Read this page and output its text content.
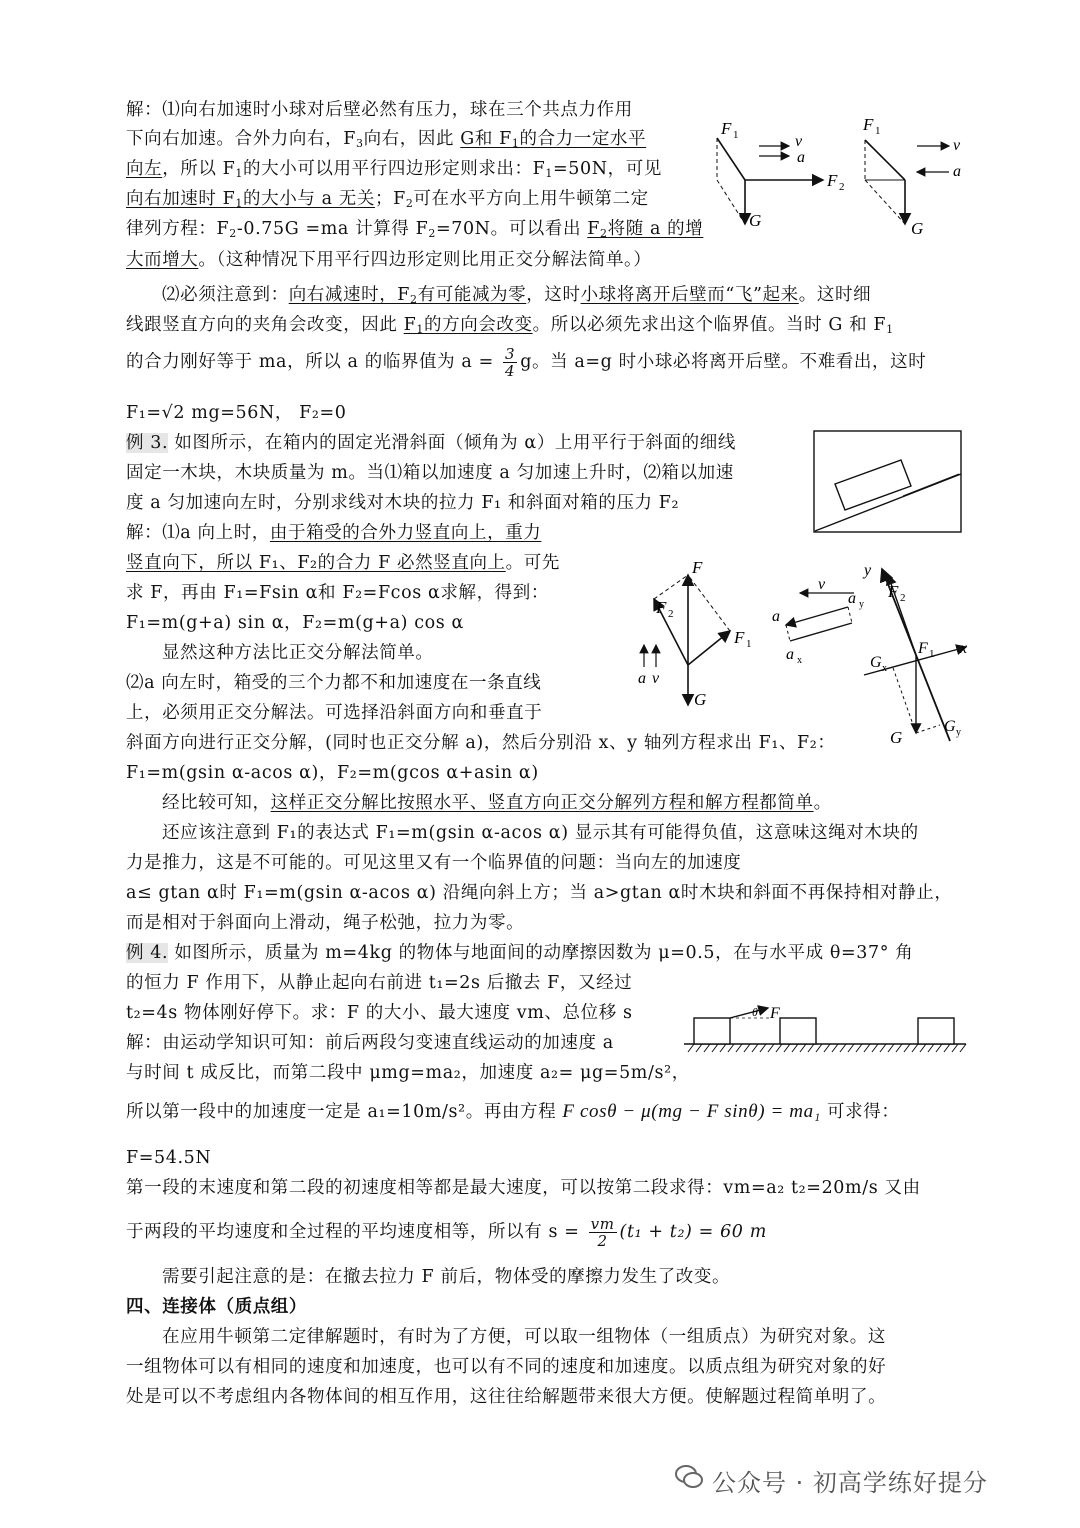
解：⑴向右加速时小球对后壁必然有压力，球在三个共点力作用
下向右加速。合外力向右，$F_3$向右，因此 G和 $F_1$的合力一定水平
向左，所以 $F_1$的大小可以用平行四边形定则求出：$F_1=50N$，可见
向右加速时 $F_1$的大小与 a 无关；$F_2$可在水平方向上用牛顿第二定
律列方程：$F_2-0.75G =ma$ 计算得 $F_2=70N$。可以看出 $F_2$将随 a 的增
大而增大。（这种情况下用平行四边形定则比用正交分解法简单。）
F 1
G
v
a
F 2
F 1
G
v
a
⑵必须注意到：向右减速时，$F_2$有可能减为零，这时小球将离开后壁而“飞”起来。这时细
线跟竖直方向的夹角会改变，因此 $F_1$的方向会改变。所以必须先求出这个临界值。当时 G 和 $F_1$
的合力刚好等于 ma，所以 a 的临界值为 $a = \frac{3}{4}$ g。当 a=g 时小球必将离开后壁。不难看出，这时
F₁=√2 mg=56N， F₂=0
例 3. 如图所示，在箱内的固定光滑斜面（倾角为 α）上用平行于斜面的细线
固定一木块，木块质量为 m。当⑴箱以加速度 a 匀加速上升时，⑵箱以加速
度 a 匀加速向左时，分别求线对木块的拉力 F₁ 和斜面对箱的压力 F₂
解：⑴a 向上时，由于箱受的合外力竖直向上，重力
竖直向下，所以 F₁、F₂的合力 F 必然竖直向上。可先
求 F，再由 F₁=Fsin α和 F₂=Fcos α求解，得到：
F₁=m(g+a) sin α，F₂=m(g+a) cos α
显然这种方法比正交分解法简单。
⑵a 向左时，箱受的三个力都不和加速度在一条直线
上，必须用正交分解法。可选择沿斜面方向和垂直于
F
F 2
F 1
G
a v
v
a
a y
a x
y
F 2
x
F 1
G x
G
G y
斜面方向进行正交分解，(同时也正交分解 a)，然后分别沿 x、y 轴列方程求出 F₁、F₂：
F₁=m(gsin α-acos α)，F₂=m(gcos α+asin α)
经比较可知，这样正交分解比按照水平、竖直方向正交分解列方程和解方程都简单。
还应该注意到 F₁的表达式 F₁=m(gsin α-acos α) 显示其有可能得负值，这意味这绳对木块的
力是推力，这是不可能的。可见这里又有一个临界值的问题：当向左的加速度
a≤ gtan α时 F₁=m(gsin α-acos α) 沿绳向斜上方；当 a>gtan α时木块和斜面不再保持相对静止，
而是相对于斜面向上滑动，绳子松弛，拉力为零。
例 4. 如图所示，质量为 m=4kg 的物体与地面间的动摩擦因数为 μ=0.5，在与水平成 θ=37° 角
的恒力 F 作用下，从静止起向右前进 t₁=2s 后撤去 F，又经过
t₂=4s 物体刚好停下。求：F 的大小、最大速度 vm、总位移 s
解：由运动学知识可知：前后两段匀变速直线运动的加速度 a
与时间 t 成反比，而第二段中 μmg=ma₂，加速度 a₂= μg=5m/s²，
F
θ
所以第一段中的加速度一定是 a₁=10m/s²。再由方程 F cosθ − μ(mg − F sinθ) = ma₁ 可求得：
F=54.5N
第一段的末速度和第二段的初速度相等都是最大速度，可以按第二段求得：vm=a₂ t₂=20m/s 又由
于两段的平均速度和全过程的平均速度相等，所以有 $s = \frac{vm}{2} (t_1 + t_2) = 60$ m
需要引起注意的是：在撤去拉力 F 前后，物体受的摩擦力发生了改变。
四、连接体（质点组）
在应用牛顿第二定律解题时，有时为了方便，可以取一组物体（一组质点）为研究对象。这
一组物体可以有相同的速度和加速度，也可以有不同的速度和加速度。以质点组为研究对象的好
处是可以不考虑组内各物体间的相互作用，这往往给解题带来很大方便。使解题过程简单明了。
公众号 · 初高学练好提分
